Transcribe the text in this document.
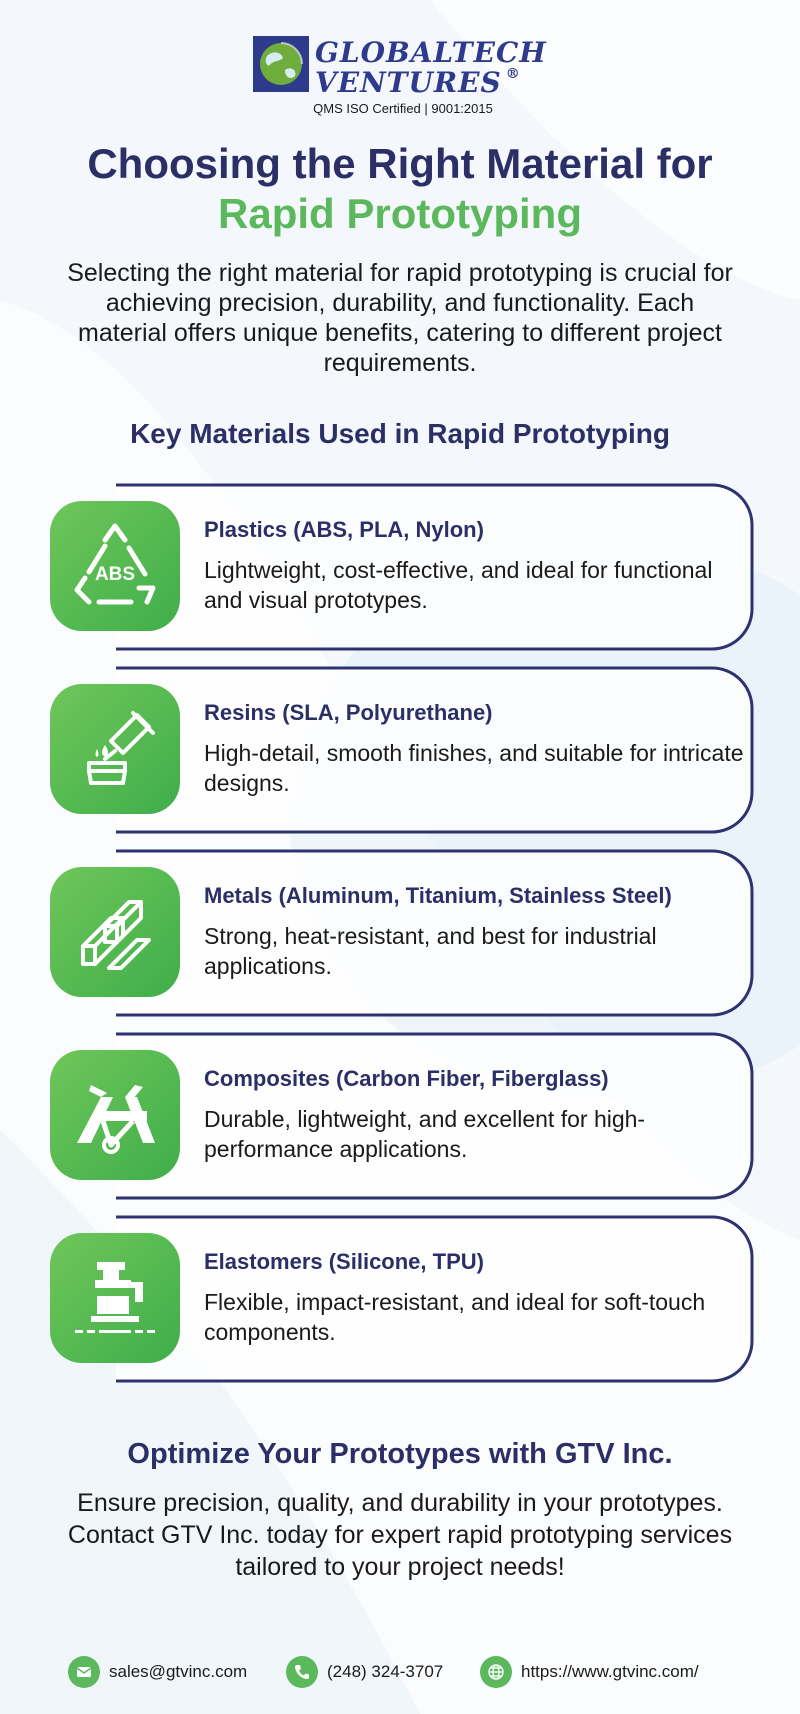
GLOBALTECH
VENTURES ®
QMS ISO Certified | 9001:2015
Choosing the Right Material for
Rapid Prototyping
Selecting the right material for rapid prototyping is crucial for achieving precision, durability, and functionality. Each material offers unique benefits, catering to different project requirements.
Key Materials Used in Rapid Prototyping
ABS
Plastics (ABS, PLA, Nylon)
Lightweight, cost-effective, and ideal for functional and visual prototypes.
Resins (SLA, Polyurethane)
High-detail, smooth finishes, and suitable for intricate designs.
Metals (Aluminum, Titanium, Stainless Steel)
Strong, heat-resistant, and best for industrial applications.
Composites (Carbon Fiber, Fiberglass)
Durable, lightweight, and excellent for high-performance applications.
Elastomers (Silicone, TPU)
Flexible, impact-resistant, and ideal for soft-touch components.
Optimize Your Prototypes with GTV Inc.
Ensure precision, quality, and durability in your prototypes. Contact GTV Inc. today for expert rapid prototyping services tailored to your project needs!
sales@gtvinc.com	(248) 324-3707	https://www.gtvinc.com/
